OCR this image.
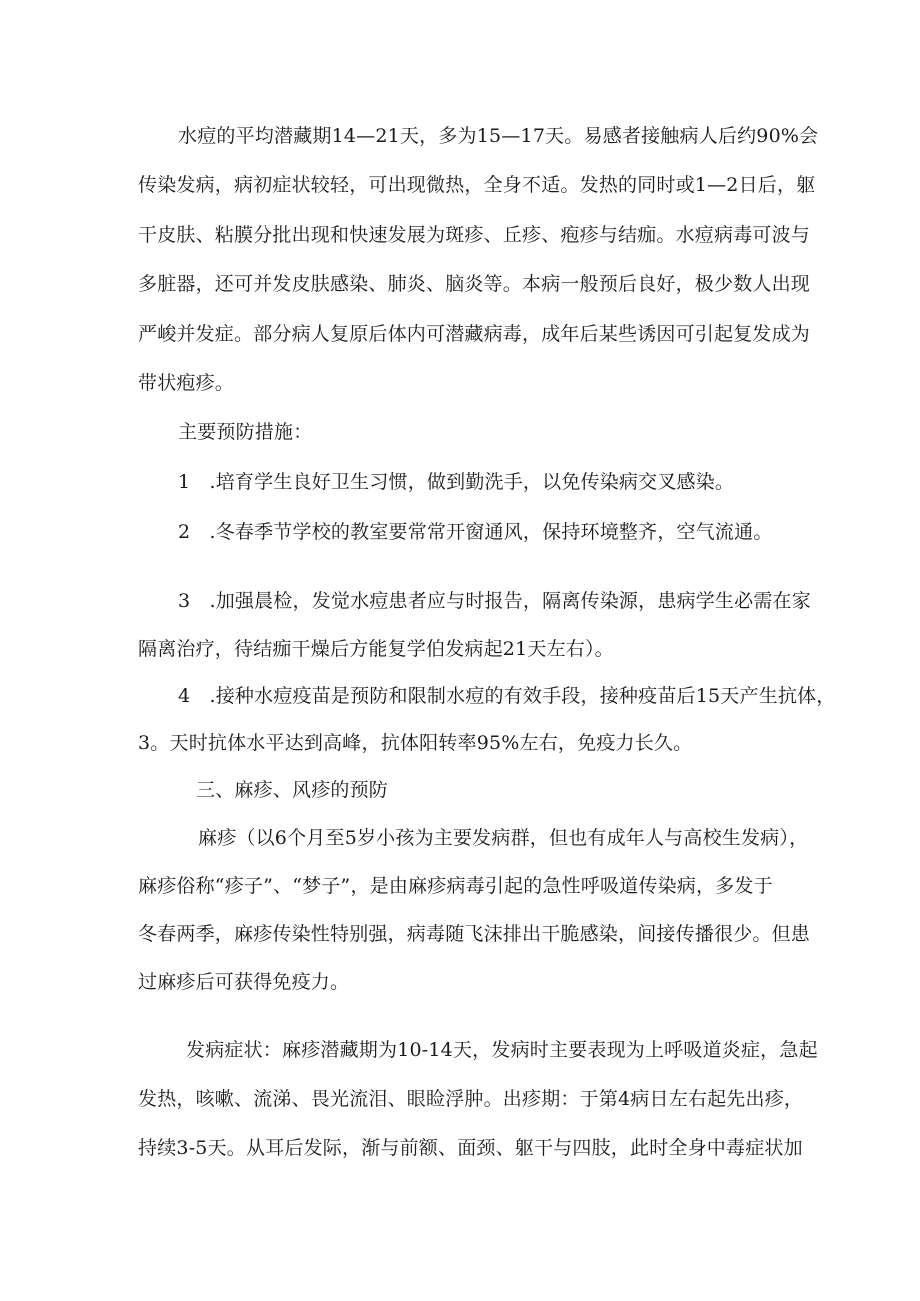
水痘的平均潜藏期14—21天，多为15—17天。易感者接触病人后约90%会
传染发病，病初症状较轻，可出现微热，全身不适。发热的同时或1—2日后，躯
干皮肤、粘膜分批出现和快速发展为斑疹、丘疹、疱疹与结痂。水痘病毒可波与
多脏器，还可并发皮肤感染、肺炎、脑炎等。本病一般预后良好，极少数人出现
严峻并发症。部分病人复原后体内可潜藏病毒，成年后某些诱因可引起复发成为
带状疱疹。
主要预防措施：
1　.培育学生良好卫生习惯，做到勤洗手，以免传染病交叉感染。
2　.冬春季节学校的教室要常常开窗通风，保持环境整齐，空气流通。
3　.加强晨检，发觉水痘患者应与时报告，隔离传染源，患病学生必需在家
隔离治疗，待结痂干燥后方能复学伯发病起21天左右）。
4　.接种水痘疫苗是预防和限制水痘的有效手段，接种疫苗后15天产生抗体，
3。天时抗体水平达到高峰，抗体阳转率95%左右，免疫力长久。
三、麻疹、风疹的预防
麻疹（以6个月至5岁小孩为主要发病群，但也有成年人与高校生发病），
麻疹俗称“疹子”、“梦子”，是由麻疹病毒引起的急性呼吸道传染病，多发于
冬春两季，麻疹传染性特别强，病毒随飞沫排出干脆感染，间接传播很少。但患
过麻疹后可获得免疫力。
发病症状：麻疹潜藏期为10-14天，发病时主要表现为上呼吸道炎症，急起
发热，咳嗽、流涕、畏光流泪、眼睑浮肿。出疹期：于第4病日左右起先出疹，
持续3-5天。从耳后发际，渐与前额、面颈、躯干与四肢，此时全身中毒症状加
